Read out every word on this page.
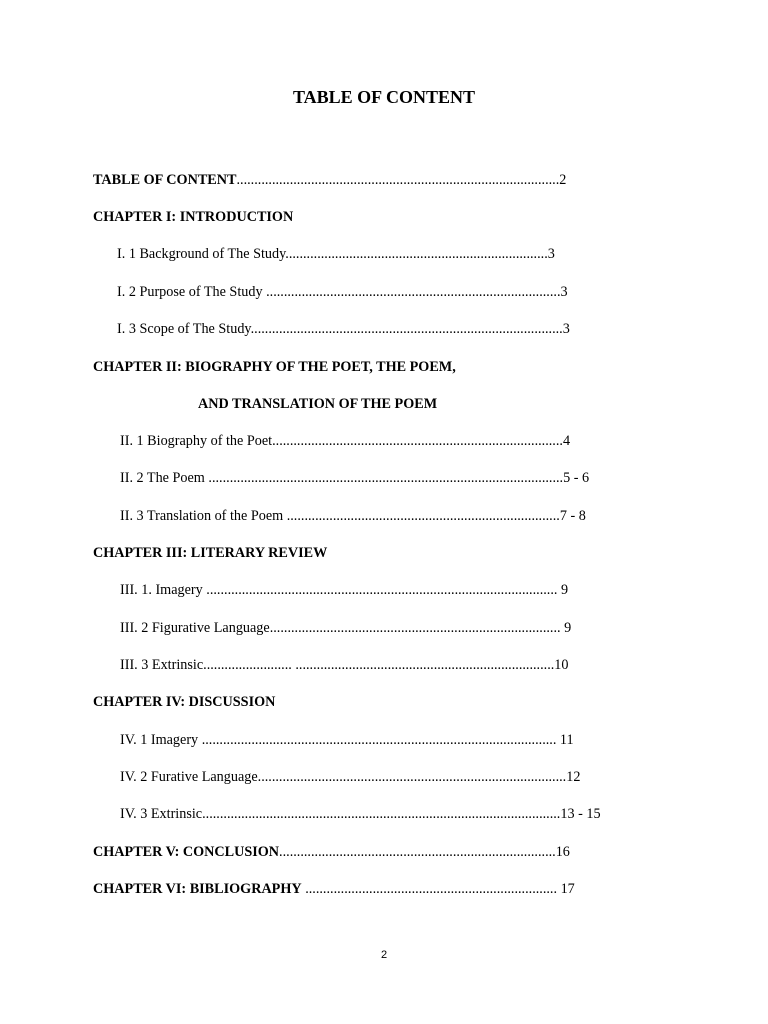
TABLE OF CONTENT
TABLE OF CONTENT...........................................................................................2
CHAPTER I: INTRODUCTION
I. 1 Background of The Study..........................................................................3
I. 2 Purpose of The Study ...................................................................................3
I. 3 Scope of The Study........................................................................................3
CHAPTER II: BIOGRAPHY OF THE POET, THE POEM,
AND TRANSLATION OF THE POEM
II. 1 Biography of the Poet..................................................................................4
II. 2 The Poem ....................................................................................................5 - 6
II. 3 Translation of the Poem .............................................................................7 - 8
CHAPTER III: LITERARY REVIEW
III. 1. Imagery ................................................................................................... 9
III. 2 Figurative Language.................................................................................. 9
III. 3 Extrinsic......................... .........................................................................10
CHAPTER IV: DISCUSSION
IV. 1 Imagery .................................................................................................... 11
IV. 2 Furative Language.......................................................................................12
IV. 3 Extrinsic.....................................................................................................13 - 15
CHAPTER V: CONCLUSION..............................................................................16
CHAPTER VI: BIBLIOGRAPHY ....................................................................... 17
2
